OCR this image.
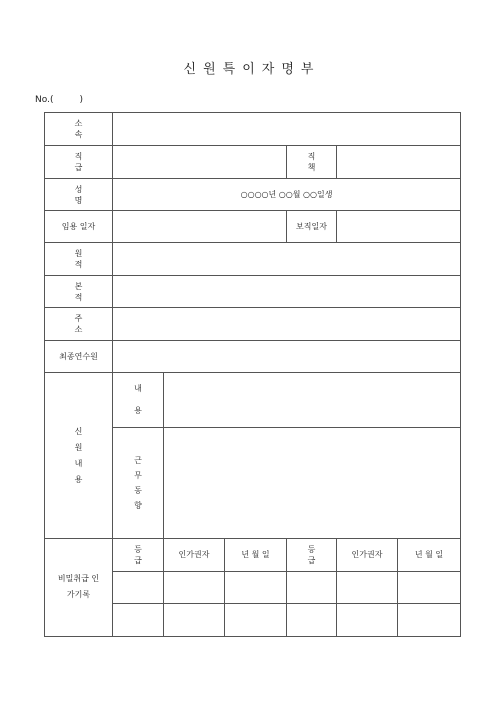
신원특이자명부
No.(	)
소 속						
직 급				직 책		
성 명	○○○○년 ○○월 ○○일생					
임용 일자				보직일자		
원 적						
본 적						
주 소						
최종연수원						

신원내용	내용					

	근무동향					

비밀취급 인가기록	등 급	인가권자	년 월 일	등 급	인가권자	년 월 일
